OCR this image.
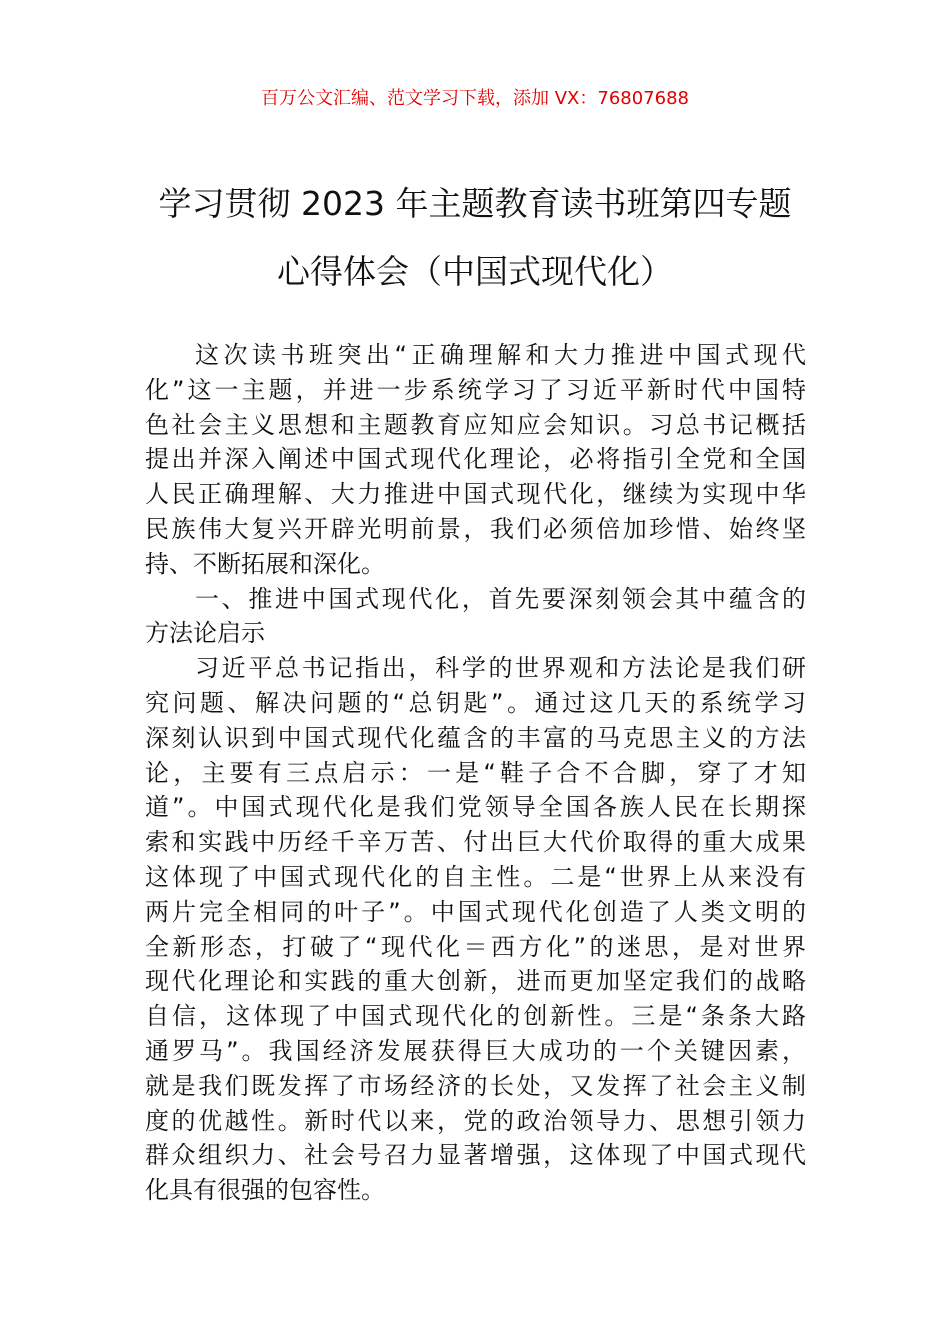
百万公文汇编、范文学习下载，添加 VX：76807688
学习贯彻 2023 年主题教育读书班第四专题
心得体会（中国式现代化）
这次读书班突出“正确理解和大力推进中国式现代
化”这一主题，并进一步系统学习了习近平新时代中国特
色社会主义思想和主题教育应知应会知识。习总书记概括
提出并深入阐述中国式现代化理论，必将指引全党和全国
人民正确理解、大力推进中国式现代化，继续为实现中华
民族伟大复兴开辟光明前景，我们必须倍加珍惜、始终坚
持、不断拓展和深化。
一、推进中国式现代化，首先要深刻领会其中蕴含的
方法论启示
习近平总书记指出，科学的世界观和方法论是我们研
究问题、解决问题的“总钥匙”。通过这几天的系统学习
深刻认识到中国式现代化蕴含的丰富的马克思主义的方法
论，主要有三点启示：一是“鞋子合不合脚，穿了才知
道”。中国式现代化是我们党领导全国各族人民在长期探
索和实践中历经千辛万苦、付出巨大代价取得的重大成果
这体现了中国式现代化的自主性。二是“世界上从来没有
两片完全相同的叶子”。中国式现代化创造了人类文明的
全新形态，打破了“现代化＝西方化”的迷思，是对世界
现代化理论和实践的重大创新，进而更加坚定我们的战略
自信，这体现了中国式现代化的创新性。三是“条条大路
通罗马”。我国经济发展获得巨大成功的一个关键因素，
就是我们既发挥了市场经济的长处，又发挥了社会主义制
度的优越性。新时代以来，党的政治领导力、思想引领力
群众组织力、社会号召力显著增强，这体现了中国式现代
化具有很强的包容性。
